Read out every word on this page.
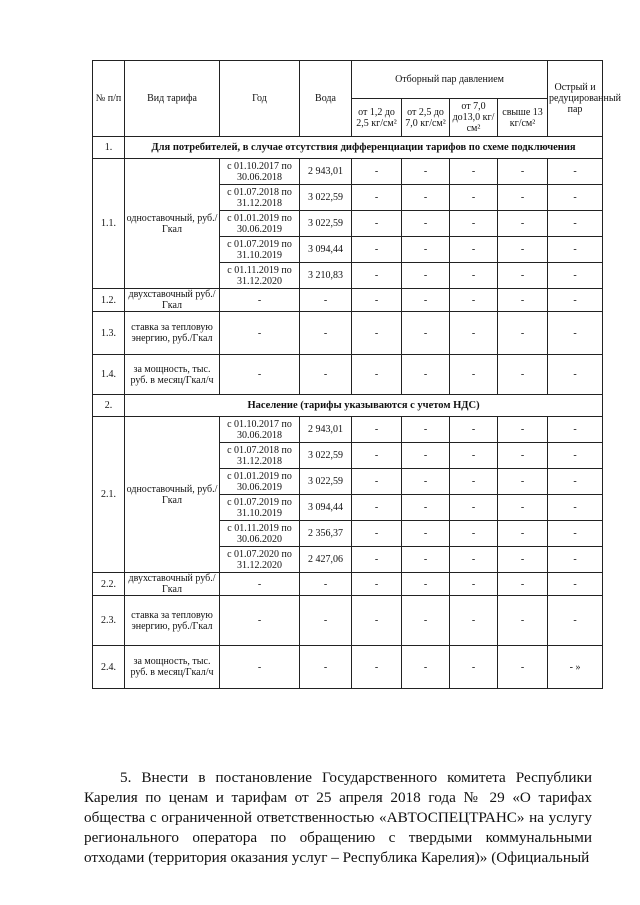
№ п/п	Вид тарифа	Год	Вода	Отборный пар давлением				Острый и редуцированный пар
				от 1,2 до 2,5 кг/см²	от 2,5 до 7,0 кг/см²	от 7,0 до13,0 кг/см²	свыше 13 кг/см²	
1.	Для потребителей, в случае отсутствия дифференциации тарифов по схеме подключения							
1.1.	одноставочный, руб./Гкал	с 01.10.2017 по 30.06.2018	2 943,01	-	-	-	-	-
		с 01.07.2018 по 31.12.2018	3 022,59	-	-	-	-	-
		с 01.01.2019 по 30.06.2019	3 022,59	-	-	-	-	-
		с 01.07.2019 по 31.10.2019	3 094,44	-	-	-	-	-
		с 01.11.2019 по 31.12.2020	3 210,83	-	-	-	-	-
1.2.	двухставочный руб./Гкал	-	-	-	-	-	-	-
1.3.	ставка за тепловую энергию, руб./Гкал	-	-	-	-	-	-	-
1.4.	за мощность, тыс. руб. в месяц/Гкал/ч	-	-	-	-	-	-	-
2.	Население (тарифы указываются с учетом НДС)							
2.1.	одноставочный, руб./Гкал	с 01.10.2017 по 30.06.2018	2 943,01	-	-	-	-	-
		с 01.07.2018 по 31.12.2018	3 022,59	-	-	-	-	-
		с 01.01.2019 по 30.06.2019	3 022,59	-	-	-	-	-
		с 01.07.2019 по 31.10.2019	3 094,44	-	-	-	-	-
		с 01.11.2019 по 30.06.2020	2 356,37	-	-	-	-	-
		с 01.07.2020 по 31.12.2020	2 427,06	-	-	-	-	-
2.2.	двухставочный руб./Гкал	-	-	-	-	-	-	-
2.3.	ставка за тепловую энергию, руб./Гкал	-	-	-	-	-	-	-
2.4.	за мощность, тыс. руб. в месяц/Гкал/ч	-	-	-	-	-	-	- »

5. Внести в постановление Государственного комитета Республики Карелия по ценам и тарифам от 25 апреля 2018 года № 29 «О тарифах общества с ограниченной ответственностью «АВТОСПЕЦТРАНС» на услугу регионального оператора по обращению с твердыми коммунальными отходами (территория оказания услуг – Республика Карелия)» (Официальный
